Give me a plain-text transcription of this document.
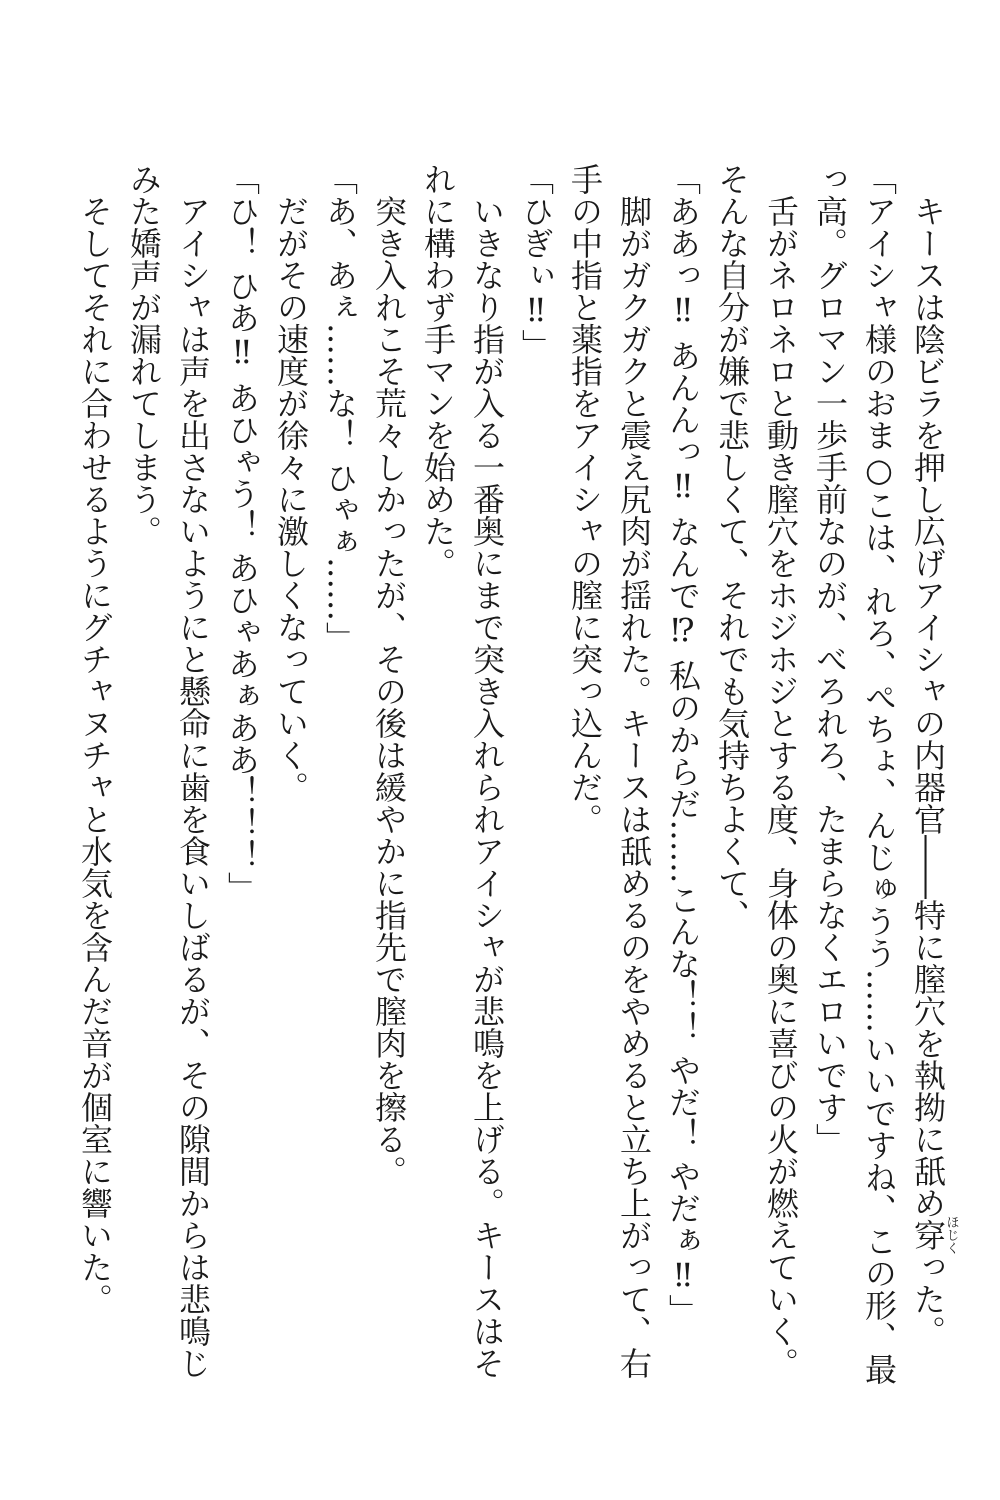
キースは陰ビラを押し広げアイシャの内器官――特に膣穴を執拗に舐め穿ほじくった。

「アイシャ様のおま○こは、れろ、ぺちょ、んじゅうう……いいですね、この形、最っ高。グロマン一歩手前なのが、べろれろ、たまらなくエロいです」

舌がネロネロと動き膣穴をホジホジとする度、身体の奥に喜びの火が燃えていく。そんな自分が嫌で悲しくて、それでも気持ちよくて、

「ああっ‼ あんんっ‼ なんで⁉ 私のからだ……こんな！！ やだ！ やだぁ‼」

脚がガクガクと震え尻肉が揺れた。キースは舐めるのをやめると立ち上がって、右手の中指と薬指をアイシャの膣に突っ込んだ。

「ひぎぃ‼」

いきなり指が入る一番奥にまで突き入れられアイシャが悲鳴を上げる。キースはそれに構わず手マンを始めた。

突き入れこそ荒々しかったが、その後は緩やかに指先で膣肉を擦る。

「あ、あぇ……な！ ひゃぁ……」

だがその速度が徐々に激しくなっていく。

「ひ！ ひあ‼ あひゃう！ あひゃあぁああ！！！」

アイシャは声を出さないようにと懸命に歯を食いしばるが、その隙間からは悲鳴じみた嬌声が漏れてしまう。

そしてそれに合わせるようにグチャヌチャと水気を含んだ音が個室に響いた。
